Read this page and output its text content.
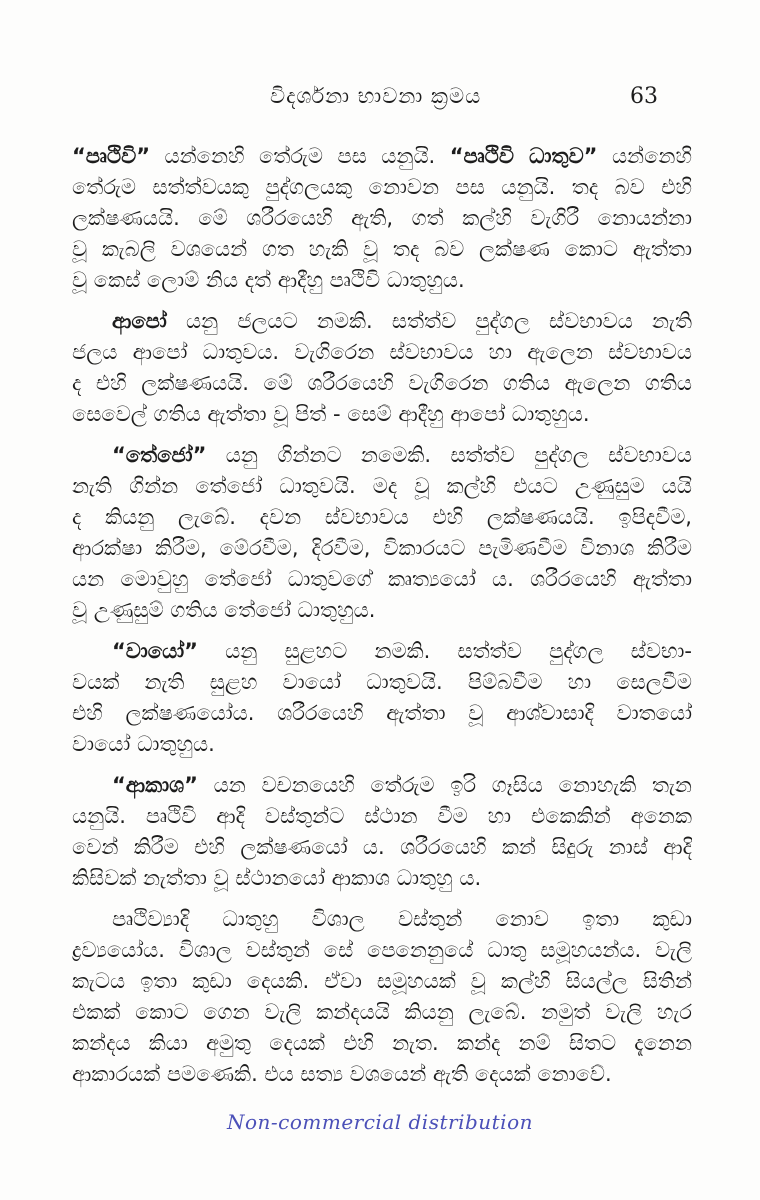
විදර්ශනා භාවනා ක්‍රමය	63
“පෘථිවි” යන්නෙහි තේරුම පස යනුයි. “පෘථිවි ධාතුව” යන්නෙහි
තේරුම සත්ත්වයකු පුද්ගලයකු නොවන පස යනුයි. තද බව එහි
ලක්ෂණයයි. මේ ශරීරයෙහි ඇති, ගත් කල්හි වැගිරී නොයන්නා
වූ කැබලි වශයෙන් ගත හැකි වූ තද බව ලක්ෂණ කොට ඇත්තා
වූ කෙස් ලොම් නිය දත් ආදීහු පෘථිවි ධාතුහුය.
ආපෝ යනු ජලයට නමකි. සත්ත්ව පුද්ගල ස්වභාවය නැති
ජලය ආපෝ ධාතුවය. වැගිරෙන ස්වභාවය හා ඇලෙන ස්වභාවය
ද එහි ලක්ෂණයයි. මේ ශරීරයෙහි වැගිරෙන ගතිය ඇලෙන ගතිය
සෙවෙල් ගතිය ඇත්තා වූ පිත් - සෙම් ආදීහු ආපෝ ධාතුහුය.
“තේජෝ” යනු ගින්නට නමෙකි. සත්ත්ව පුද්ගල ස්වභාවය
නැති ගින්න තේජෝ ධාතුවයි. මද වූ කල්හි එයට උණුසුම යයි
ද කියනු ලැබේ. දවන ස්වභාවය එහි ලක්ෂණයයි. ඉපිදවීම,
ආරක්ෂා කිරීම, මේරවීම, දිරවීම, විකාරයට පැමිණවීම විනාශ කිරීම
යන මොවුහු තේජෝ ධාතුවගේ කෘත්‍යයෝ ය. ශරීරයෙහි ඇත්තා
වූ උණුසුම් ගතිය තේජෝ ධාතුහුය.
“වායෝ” යනු සුළහට නමකි. සත්ත්ව පුද්ගල ස්වභා-
වයක් නැති සුළහ වායෝ ධාතුවයි. පිම්බවීම හා සෙලවීම
එහි ලක්ෂණයෝය. ශරීරයෙහි ඇත්තා වූ ආශ්වාසාදි වාතයෝ
වායෝ ධාතුහුය.
“ආකාශ” යන වචනයෙහි තේරුම ඉරි ගෑසිය නොහැකි තැන
යනුයි. පෘථිවි ආදි වස්තුන්ට ස්ථාන වීම හා එකෙකින් අනෙක
වෙන් කිරීම එහි ලක්ෂණයෝ ය. ශරීරයෙහි කන් සිදුරු නාස් ආදි
කිසිවක් නැත්තා වූ ස්ථානයෝ ආකාශ ධාතුහු ය.
පෘථිව්‍යාදි ධාතුහු විශාල වස්තුන් නොව ඉතා කුඩා
ද්‍රව්‍යයෝය. විශාල වස්තුන් සේ පෙනෙනුයේ ධාතු සමූහයන්ය. වැලි
කැටය ඉතා කුඩා දෙයකි. ඒවා සමූහයක් වූ කල්හි සියල්ල සිතින්
එකක් කොට ගෙන වැලි කන්දයයි කියනු ලැබේ. නමුත් වැලි හැර
කන්දය කියා අමුතු දෙයක් එහි නැත. කන්ද නම් සිතට දැනෙන
ආකාරයක් පමණෙකි. එය සත්‍ය වශයෙන් ඇති දෙයක් නොවේ.
Non-commercial distribution
